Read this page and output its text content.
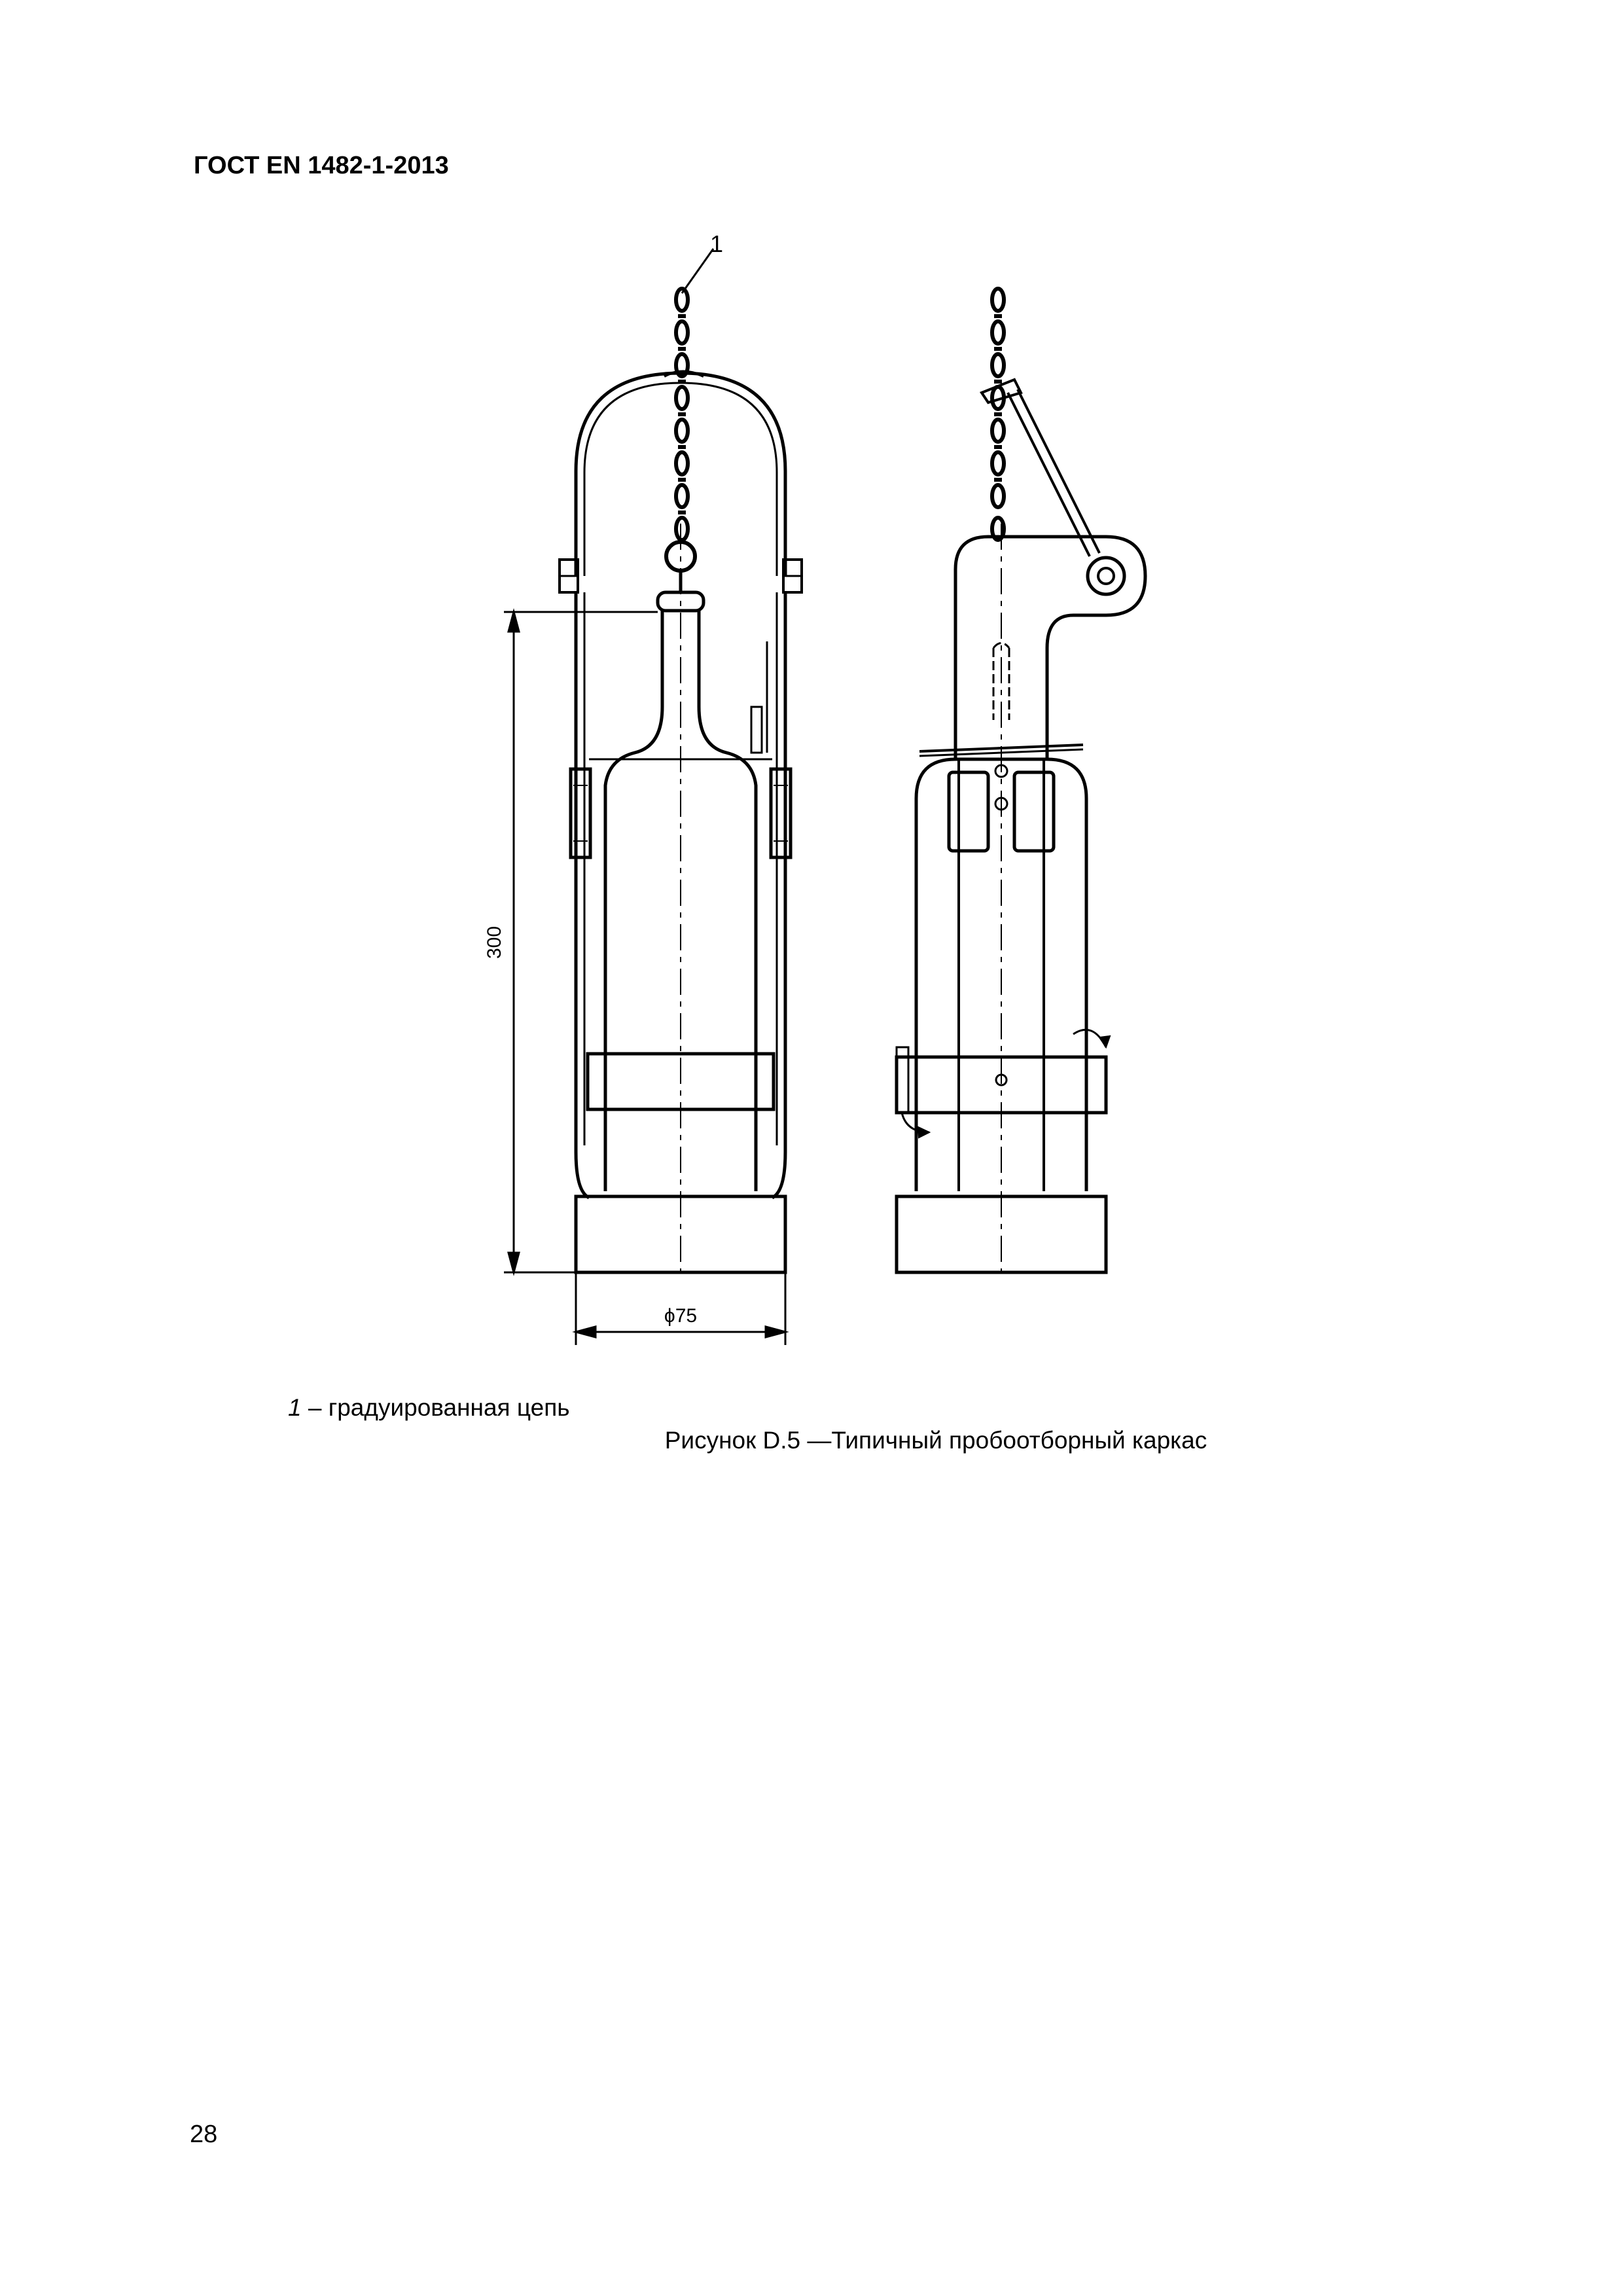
ГОСТ EN 1482-1-2013
1
300
ϕ75
1 – градуированная цепь
Рисунок D.5 —Типичный пробоотборный каркас
28
